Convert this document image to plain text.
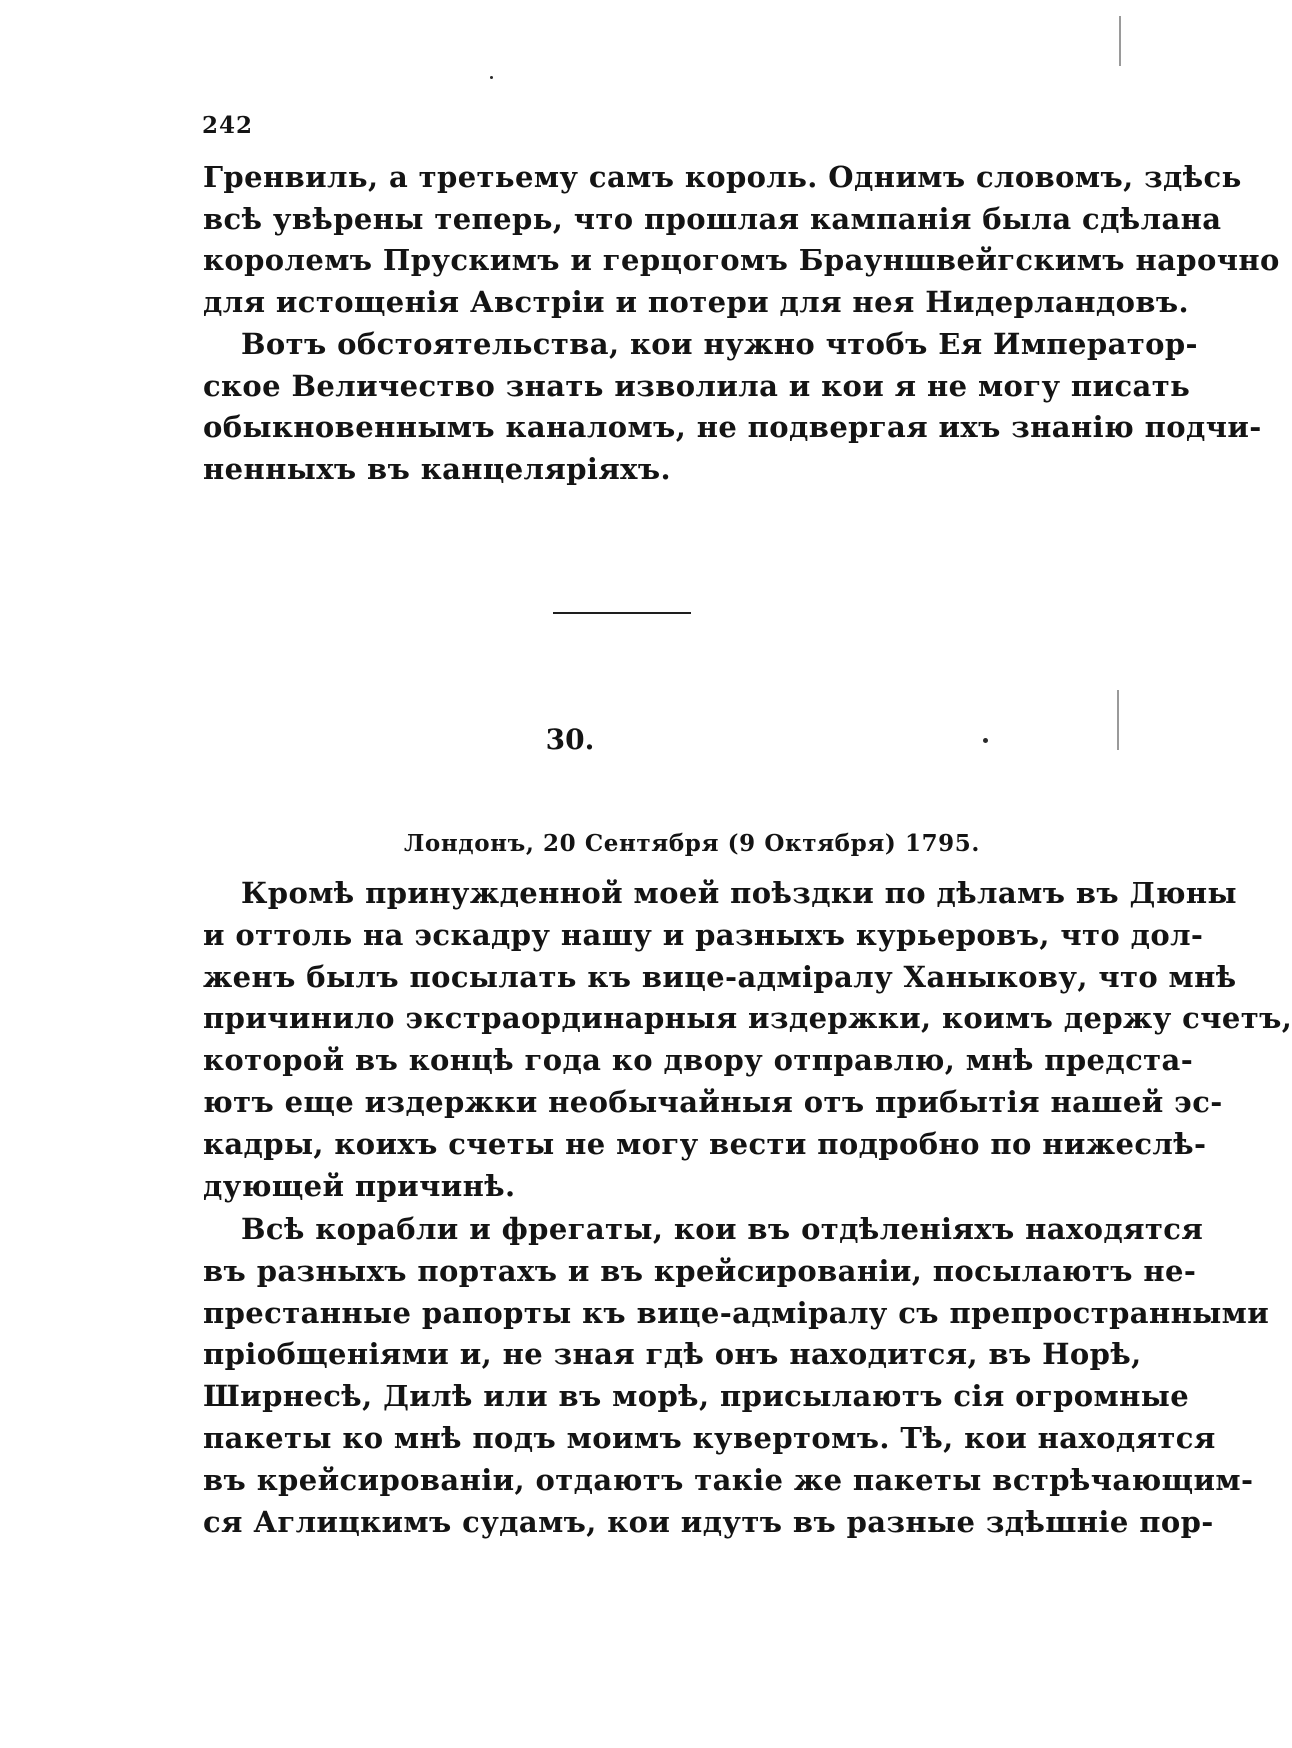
242
Гренвиль, а третьему самъ король. Однимъ словомъ, здѣсь
всѣ увѣрены теперь, что прошлая кампанія была сдѣлана
королемъ Прускимъ и герцогомъ Брауншвейгскимъ нарочно
для истощенія Австріи и потери для нея Нидерландовъ.
Вотъ обстоятельства, кои нужно чтобъ Ея Император-
ское Величество знать изволила и кои я не могу писать
обыкновеннымъ каналомъ, не подвергая ихъ знанію подчи-
ненныхъ въ канцеляріяхъ.
30.
Лондонъ, 20 Сентября (9 Октября) 1795.
Кромѣ принужденной моей поѣздки по дѣламъ въ Дюны
и оттоль на эскадру нашу и разныхъ курьеровъ, что дол-
женъ былъ посылать къ вице-адміралу Ханыкову, что мнѣ
причинило экстраординарныя издержки, коимъ держу счетъ,
которой въ концѣ года ко двору отправлю, мнѣ предста-
ютъ еще издержки необычайныя отъ прибытія нашей эс-
кадры, коихъ счеты не могу вести подробно по нижеслѣ-
дующей причинѣ.
Всѣ корабли и фрегаты, кои въ отдѣленіяхъ находятся
въ разныхъ портахъ и въ крейсированіи, посылаютъ не-
престанные рапорты къ вице-адміралу съ препространными
пріобщеніями и, не зная гдѣ онъ находится, въ Норѣ,
Ширнесѣ, Дилѣ или въ морѣ, присылаютъ сія огромные
пакеты ко мнѣ подъ моимъ кувертомъ. Тѣ, кои находятся
въ крейсированіи, отдаютъ такіе же пакеты встрѣчающим-
ся Аглицкимъ судамъ, кои идутъ въ разные здѣшніе пор-
